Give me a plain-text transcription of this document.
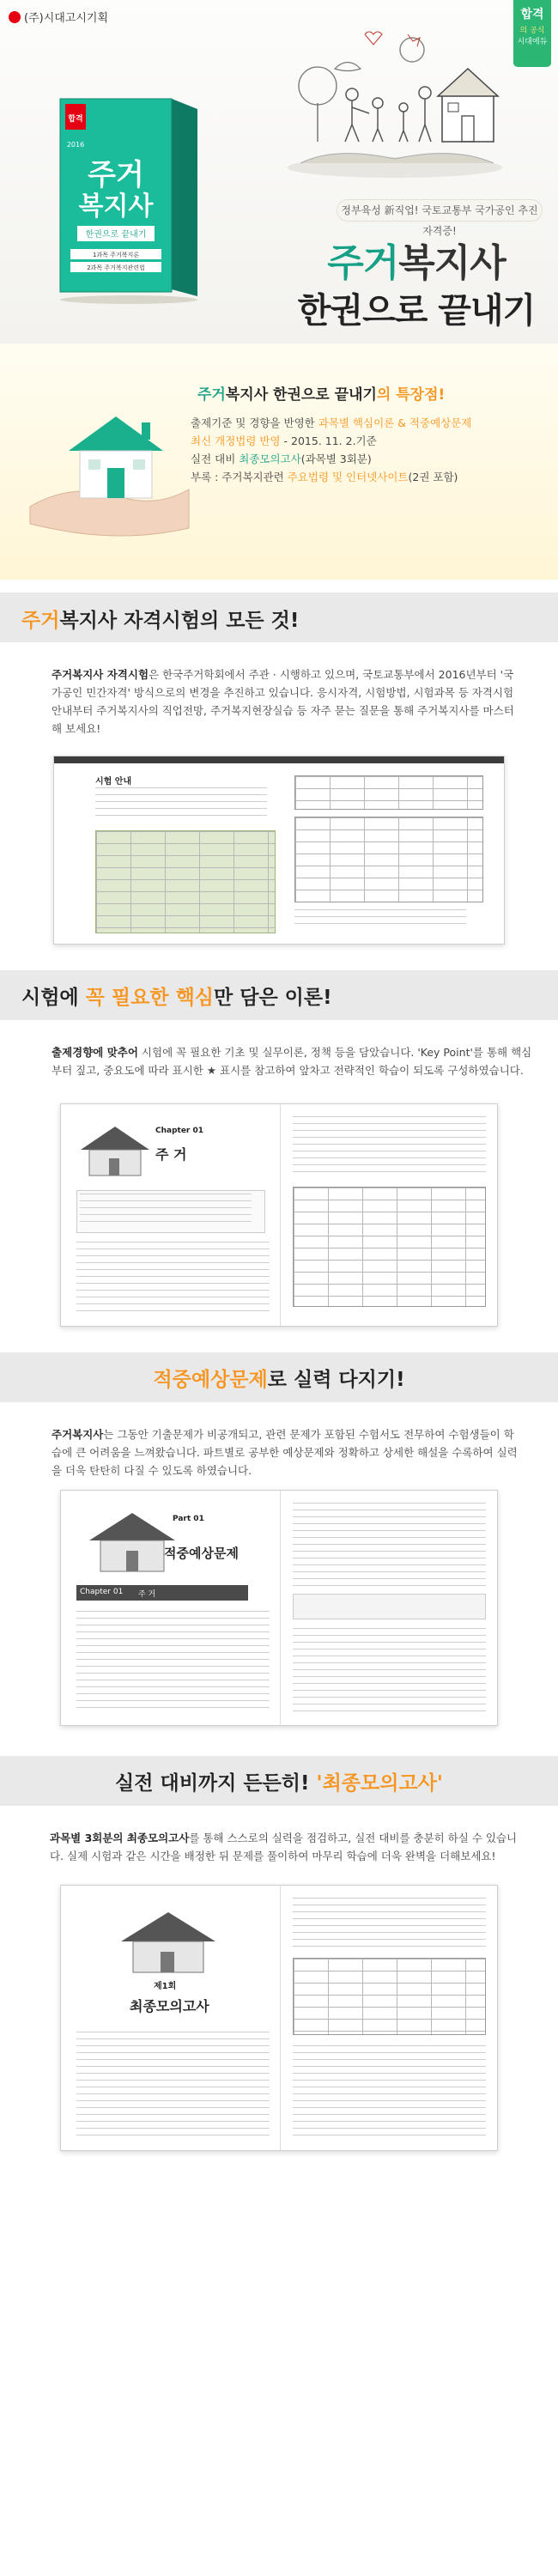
(주)시대고시기획	합격
의 공식
시대에듀
합격
2016
주거
복지사
한권으로 끝내기
1과목 주거복지론
2과목 주거복지관련법
정부육성 新직업! 국토교통부 국가공인 추진 자격증!
주거복지사
한권으로 끝내기
주거복지사 한권으로 끝내기의 특장점!
출제기준 및 경향을 반영한 과목별 핵심이론 & 적중예상문제
최신 개정법령 반영 - 2015. 11. 2.기준
실전 대비 최종모의고사(과목별 3회분)
부록 : 주거복지관련 주요법령 및 인터넷사이트(2권 포함)
주거복지사 자격시험의 모든 것!
주거복지사 자격시험은 한국주거학회에서 주관 · 시행하고 있으며, 국토교통부에서 2016년부터 '국가공인 민간자격' 방식으로의 변경을 추진하고 있습니다. 응시자격, 시험방법, 시험과목 등 자격시험 안내부터 주거복지사의 직업전망, 주거복지현장실습 등 자주 묻는 질문을 통해 주거복지사를 마스터해 보세요!
시험 안내
시험에 꼭 필요한 핵심만 담은 이론!
출제경향에 맞추어 시험에 꼭 필요한 기초 및 실무이론, 정책 등을 담았습니다. 'Key Point'를 통해 핵심부터 짚고, 중요도에 따라 표시한 ★ 표시를 참고하여 앞차고 전략적인 학습이 되도록 구성하였습니다.
Chapter 01
주 거
적중예상문제로 실력 다지기!
주거복지사는 그동안 기출문제가 비공개되고, 관련 문제가 포함된 수험서도 전무하여 수험생들이 학습에 큰 어려움을 느껴왔습니다. 파트별로 공부한 예상문제와 정확하고 상세한 해설을 수록하여 실력을 더욱 탄탄히 다질 수 있도록 하였습니다.
Part 01
적중예상문제
Chapter 01 주 거
실전 대비까지 든든히! '최종모의고사'
과목별 3회분의 최종모의고사를 통해 스스로의 실력을 점검하고, 실전 대비를 충분히 하실 수 있습니다. 실제 시험과 같은 시간을 배정한 뒤 문제를 풀이하여 마무리 학습에 더욱 완벽을 더해보세요!
제1회
최종모의고사
